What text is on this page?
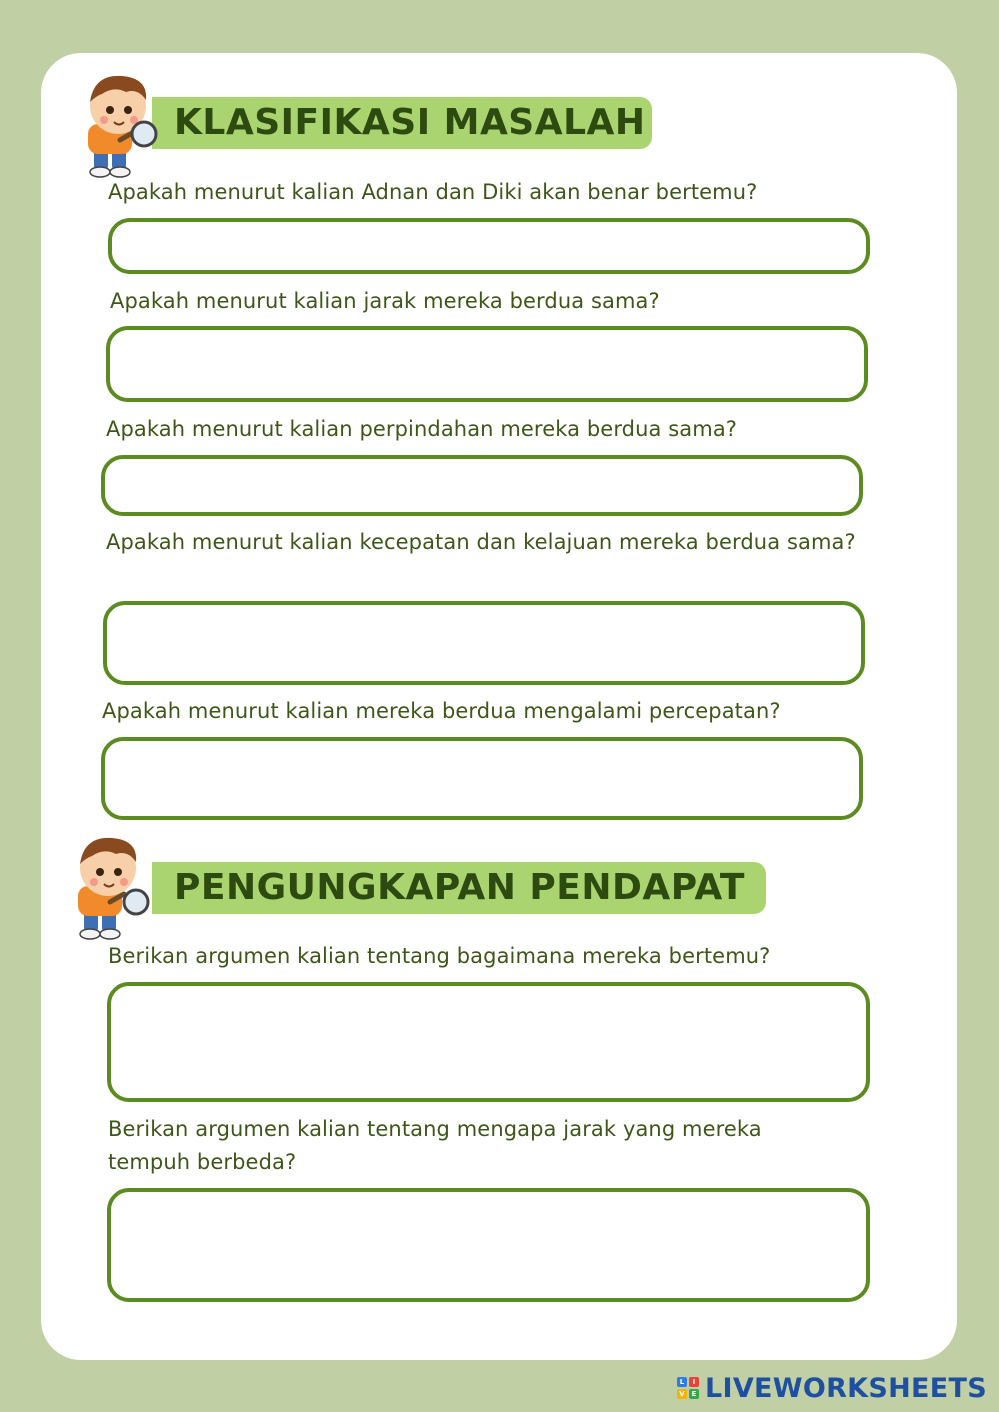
KLASIFIKASI MASALAH
Apakah menurut kalian Adnan dan Diki akan benar bertemu?
Apakah menurut kalian jarak mereka berdua sama?
Apakah menurut kalian perpindahan mereka berdua sama?
Apakah menurut kalian kecepatan dan kelajuan mereka berdua sama?
Apakah menurut kalian mereka berdua mengalami percepatan?
PENGUNGKAPAN PENDAPAT
Berikan argumen kalian tentang bagaimana mereka bertemu?
Berikan argumen kalian tentang mengapa jarak yang mereka tempuh berbeda?
L	I
V E LIVEWORKSHEETS
